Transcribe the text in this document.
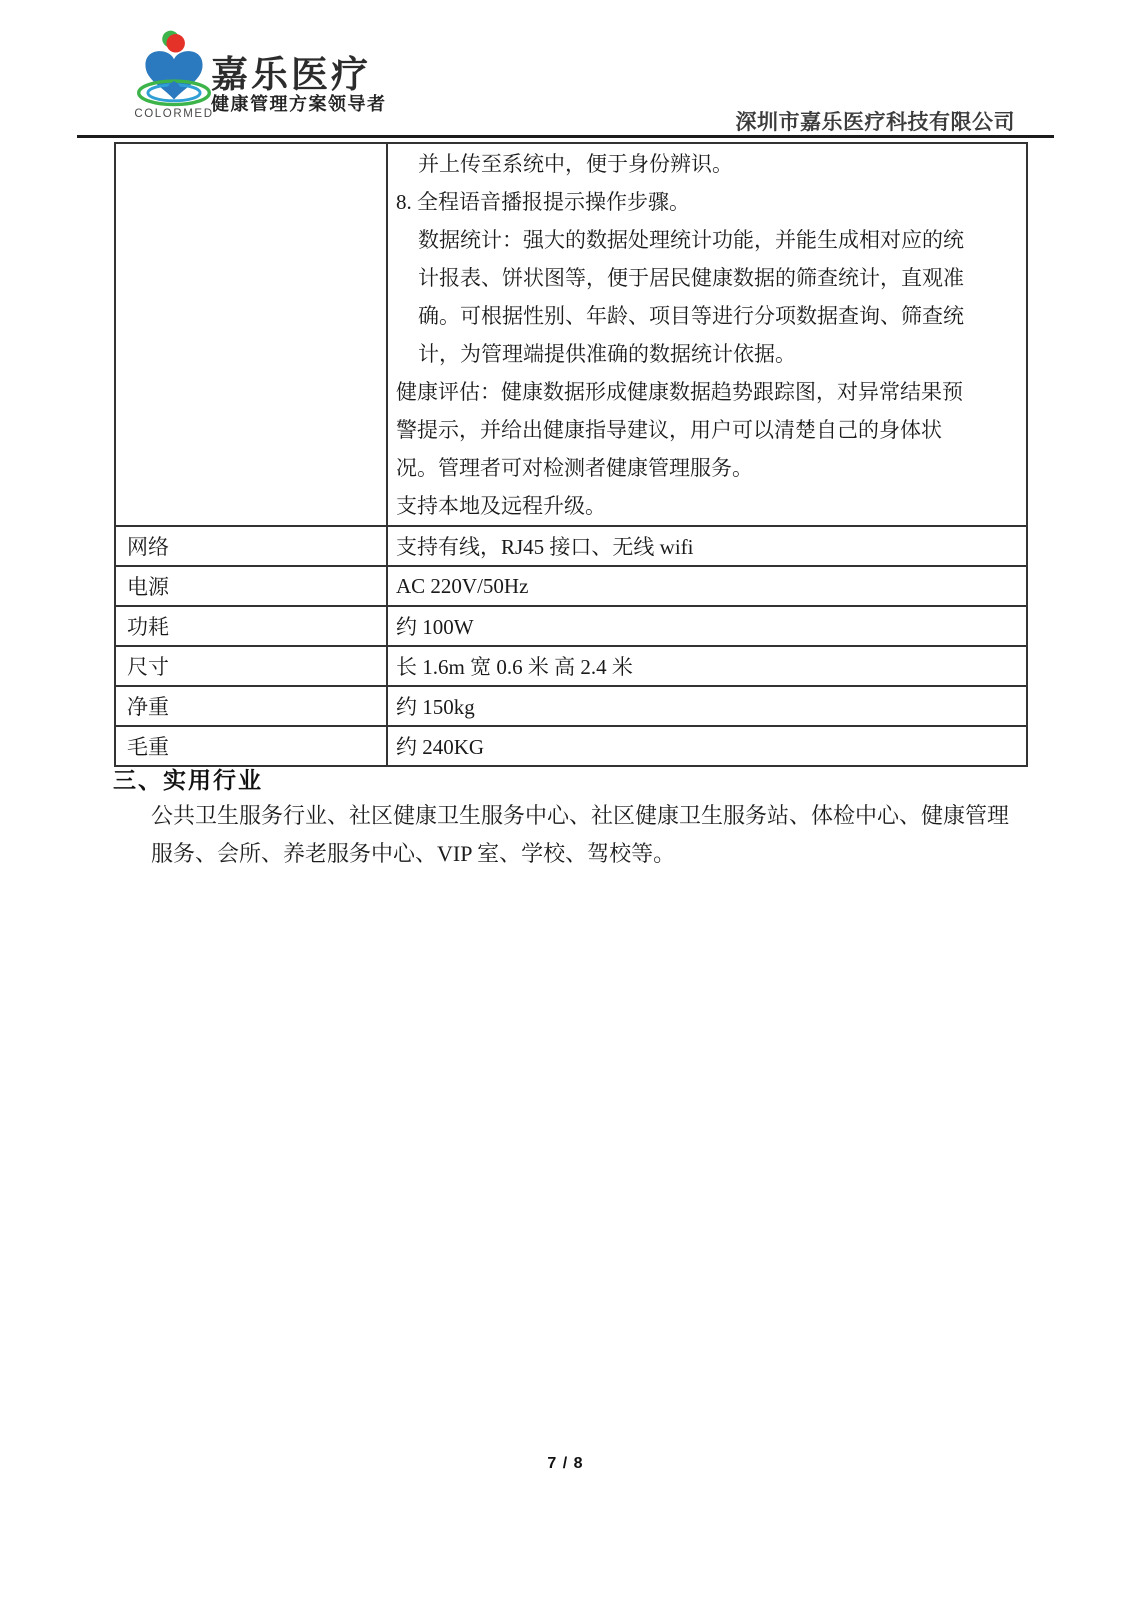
COLORMED
嘉乐医疗
健康管理方案领导者
深圳市嘉乐医疗科技有限公司

并上传至系统中，便于身份辨识。
8. 全程语音播报提示操作步骤。
数据统计：强大的数据处理统计功能，并能生成相对应的统
计报表、饼状图等，便于居民健康数据的筛查统计，直观准
确。可根据性别、年龄、项目等进行分项数据查询、筛查统
计，为管理端提供准确的数据统计依据。
健康评估：健康数据形成健康数据趋势跟踪图，对异常结果预
警提示，并给出健康指导建议，用户可以清楚自己的身体状
况。管理者可对检测者健康管理服务。
支持本地及远程升级。

网络	支持有线，RJ45 接口、无线 wifi
电源	AC 220V/50Hz
功耗	约 100W
尺寸	长 1.6m 宽 0.6 米 高 2.4 米
净重	约 150kg
毛重	约 240KG
三、实用行业
公共卫生服务行业、社区健康卫生服务中心、社区健康卫生服务站、体检中心、健康管理
服务、会所、养老服务中心、VIP 室、学校、驾校等。
7 / 8
